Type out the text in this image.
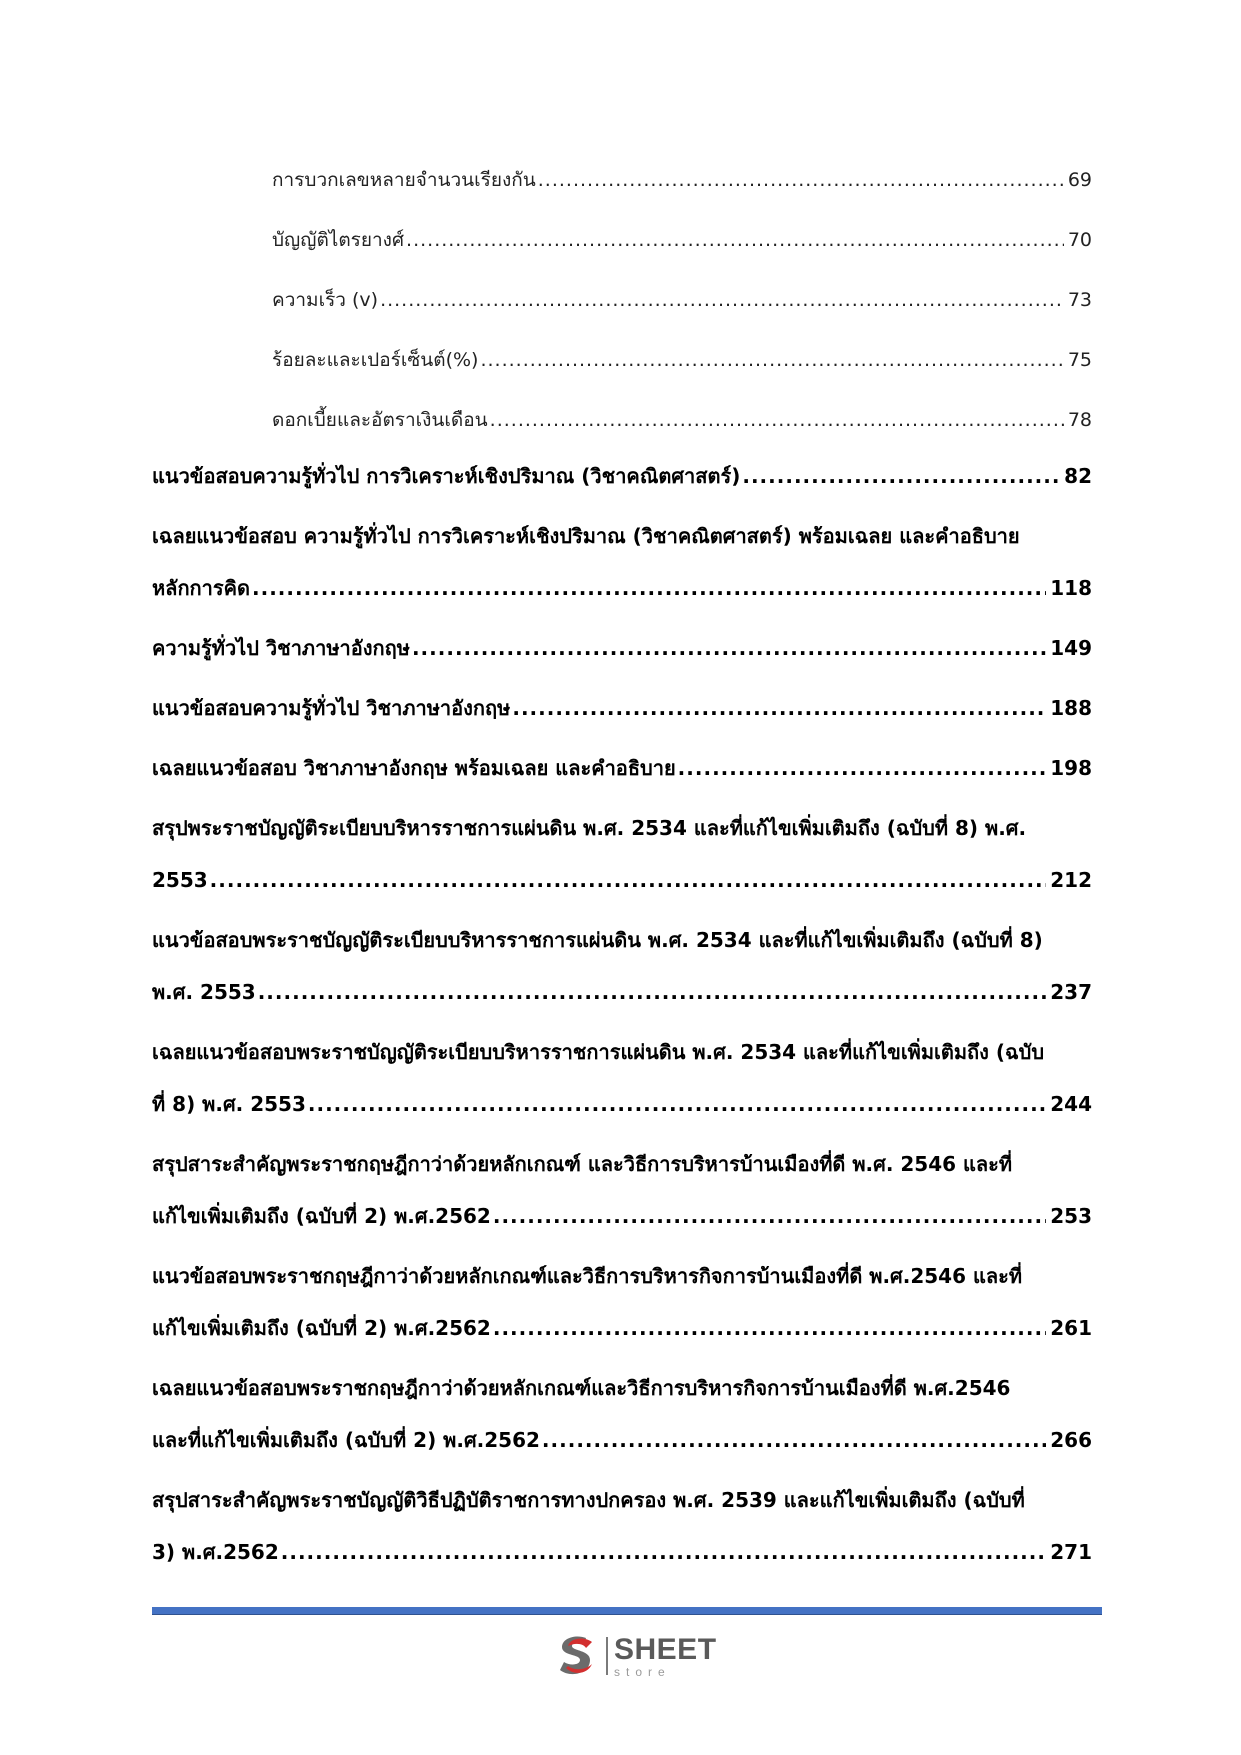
การบวกเลขหลายจำนวนเรียงกัน .....	69
บัญญัติไตรยางศ์ .....	70
ความเร็ว (v) .....	73
ร้อยละและเปอร์เซ็นต์(%) .....	75
ดอกเบี้ยและอัตราเงินเดือน .....	78
แนวข้อสอบความรู้ทั่วไป การวิเคราะห์เชิงปริมาณ (วิชาคณิตศาสตร์) .....	82
เฉลยแนวข้อสอบ ความรู้ทั่วไป การวิเคราะห์เชิงปริมาณ (วิชาคณิตศาสตร์) พร้อมเฉลย และคำอธิบาย
หลักการคิด .....	118
ความรู้ทั่วไป วิชาภาษาอังกฤษ .....	149
แนวข้อสอบความรู้ทั่วไป วิชาภาษาอังกฤษ .....	188
เฉลยแนวข้อสอบ วิชาภาษาอังกฤษ พร้อมเฉลย และคำอธิบาย .....	198
สรุปพระราชบัญญัติระเบียบบริหารราชการแผ่นดิน พ.ศ. 2534 และที่แก้ไขเพิ่มเติมถึง (ฉบับที่ 8) พ.ศ.
2553 .....	212
แนวข้อสอบพระราชบัญญัติระเบียบบริหารราชการแผ่นดิน พ.ศ. 2534 และที่แก้ไขเพิ่มเติมถึง (ฉบับที่ 8)
พ.ศ. 2553 .....	237
เฉลยแนวข้อสอบพระราชบัญญัติระเบียบบริหารราชการแผ่นดิน พ.ศ. 2534 และที่แก้ไขเพิ่มเติมถึง (ฉบับ
ที่ 8) พ.ศ. 2553 .....	244
สรุปสาระสำคัญพระราชกฤษฎีกาว่าด้วยหลักเกณฑ์ และวิธีการบริหารบ้านเมืองที่ดี พ.ศ. 2546 และที่
แก้ไขเพิ่มเติมถึง (ฉบับที่ 2) พ.ศ.2562 .....	253
แนวข้อสอบพระราชกฤษฎีกาว่าด้วยหลักเกณฑ์และวิธีการบริหารกิจการบ้านเมืองที่ดี พ.ศ.2546 และที่
แก้ไขเพิ่มเติมถึง (ฉบับที่ 2) พ.ศ.2562 .....	261
เฉลยแนวข้อสอบพระราชกฤษฎีกาว่าด้วยหลักเกณฑ์และวิธีการบริหารกิจการบ้านเมืองที่ดี พ.ศ.2546
และที่แก้ไขเพิ่มเติมถึง (ฉบับที่ 2) พ.ศ.2562 .....	266
สรุปสาระสำคัญพระราชบัญญัติวิธีปฏิบัติราชการทางปกครอง พ.ศ. 2539 และแก้ไขเพิ่มเติมถึง (ฉบับที่
3) พ.ศ.2562 .....	271
SHEET
store
